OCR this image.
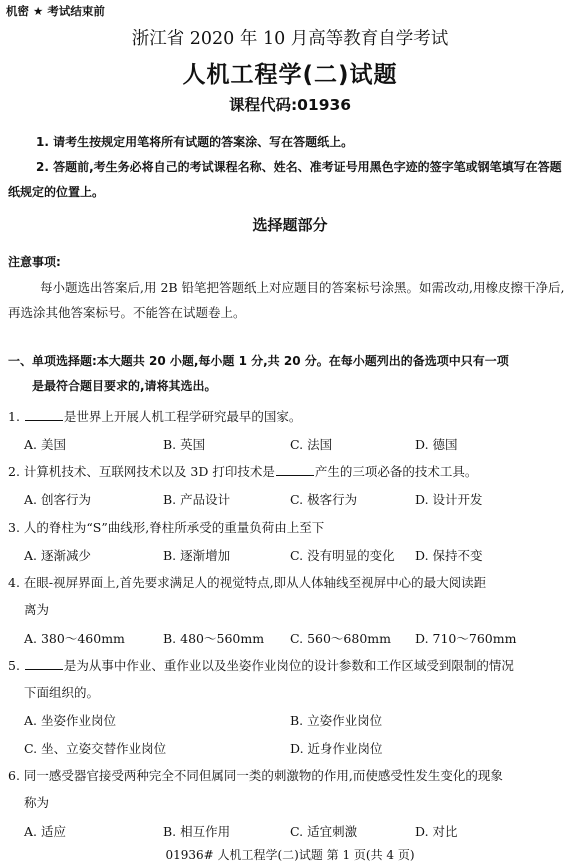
机密 ★ 考试结束前
浙江省 2020 年 10 月高等教育自学考试
人机工程学(二)试题
课程代码:01936

1. 请考生按规定用笔将所有试题的答案涂、写在答题纸上。

2. 答题前,考生务必将自己的考试课程名称、姓名、准考证号用黑色字迹的签字笔或钢笔填写在答题纸规定的位置上。

选择题部分
注意事项:

每小题选出答案后,用 2B 铅笔把答题纸上对应题目的答案标号涂黑。如需改动,用橡皮擦干净后,再选涂其他答案标号。不能答在试题卷上。

一、单项选择题:本大题共 20 小题,每小题 1 分,共 20 分。在每小题列出的备选项中只有一项
是最符合题目要求的,请将其选出。
1.	是世界上开展人机工程学研究最早的国家。
A. 美国	B. 英国	C. 法国	D. 德国
2. 计算机技术、互联网技术以及 3D 打印技术是	产生的三项必备的技术工具。
A. 创客行为	B. 产品设计	C. 极客行为	D. 设计开发
3. 人的脊柱为“S”曲线形,脊柱所承受的重量负荷由上至下
A. 逐渐减少	B. 逐渐增加	C. 没有明显的变化 D. 保持不变
4. 在眼-视屏界面上,首先要求满足人的视觉特点,即从人体轴线至视屏中心的最大阅读距
离为
A. 380～460mm	B. 480～560mm C. 560～680mm D. 710～760mm
5.	是为从事中作业、重作业以及坐姿作业岗位的设计参数和工作区域受到限制的情况
下面组织的。
A. 坐姿作业岗位	B. 立姿作业岗位
C. 坐、立姿交替作业岗位	D. 近身作业岗位
6. 同一感受器官接受两种完全不同但属同一类的刺激物的作用,而使感受性发生变化的现象
称为
A. 适应	B. 相互作用	C. 适宜刺激	D. 对比
01936# 人机工程学(二)试题 第 1 页(共 4 页)
